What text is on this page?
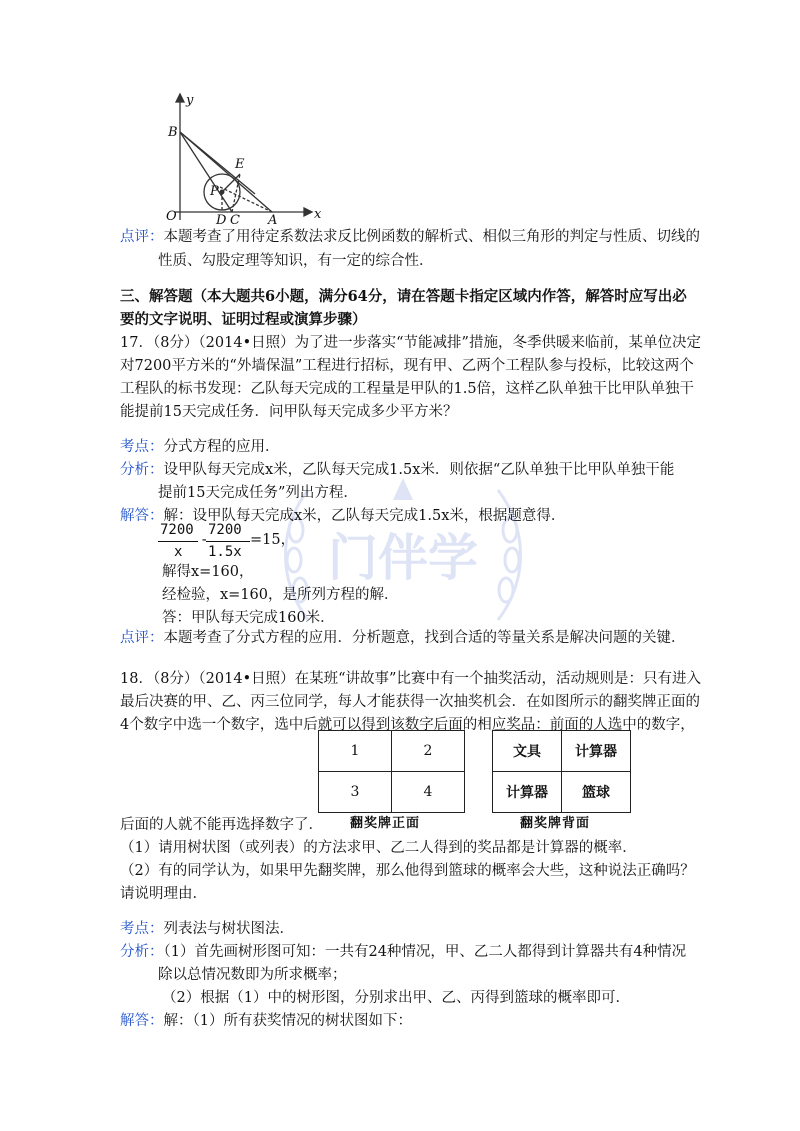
y
x
B
E
P
O	D C A
门伴学
点评：本题考查了用待定系数法求反比例函数的解析式、相似三角形的判定与性质、切线的
性质、勾股定理等知识，有一定的综合性．
三、解答题（本大题共6小题，满分64分，请在答题卡指定区域内作答，解答时应写出必
要的文字说明、证明过程或演算步骤）
17．（8分）（2014•日照）为了进一步落实“节能减排”措施，冬季供暖来临前，某单位决定
对7200平方米的“外墙保温”工程进行招标，现有甲、乙两个工程队参与投标，比较这两个
工程队的标书发现：乙队每天完成的工程量是甲队的1.5倍，这样乙队单独干比甲队单独干
能提前15天完成任务．问甲队每天完成多少平方米？
考点：分式方程的应用．
分析：设甲队每天完成x米，乙队每天完成1.5x米．则依据“乙队单独干比甲队单独干能
提前15天完成任务”列出方程．
解答：解：设甲队每天完成x米，乙队每天完成1.5x米，根据题意得．
7200
x
-
7200
1.5x
=15，
解得x=160，
经检验，x=160，是所列方程的解．
答：甲队每天完成160米．
点评：本题考查了分式方程的应用．分析题意，找到合适的等量关系是解决问题的关键．
18．（8分）（2014•日照）在某班“讲故事”比赛中有一个抽奖活动，活动规则是：只有进入
最后决赛的甲、乙、丙三位同学，每人才能获得一次抽奖机会．在如图所示的翻奖牌正面的
4个数字中选一个数字，选中后就可以得到该数字后面的相应奖品：前面的人选中的数字，
1	2
3	4
翻奖牌正面
文具	计算器
计算器	篮球
翻奖牌背面
后面的人就不能再选择数字了．
（1）请用树状图（或列表）的方法求甲、乙二人得到的奖品都是计算器的概率．
（2）有的同学认为，如果甲先翻奖牌，那么他得到篮球的概率会大些，这种说法正确吗？
请说明理由．
考点：列表法与树状图法．
分析：（1）首先画树形图可知：一共有24种情况，甲、乙二人都得到计算器共有4种情况
除以总情况数即为所求概率；
（2）根据（1）中的树形图，分别求出甲、乙、丙得到篮球的概率即可．
解答：解：（1）所有获奖情况的树状图如下：
